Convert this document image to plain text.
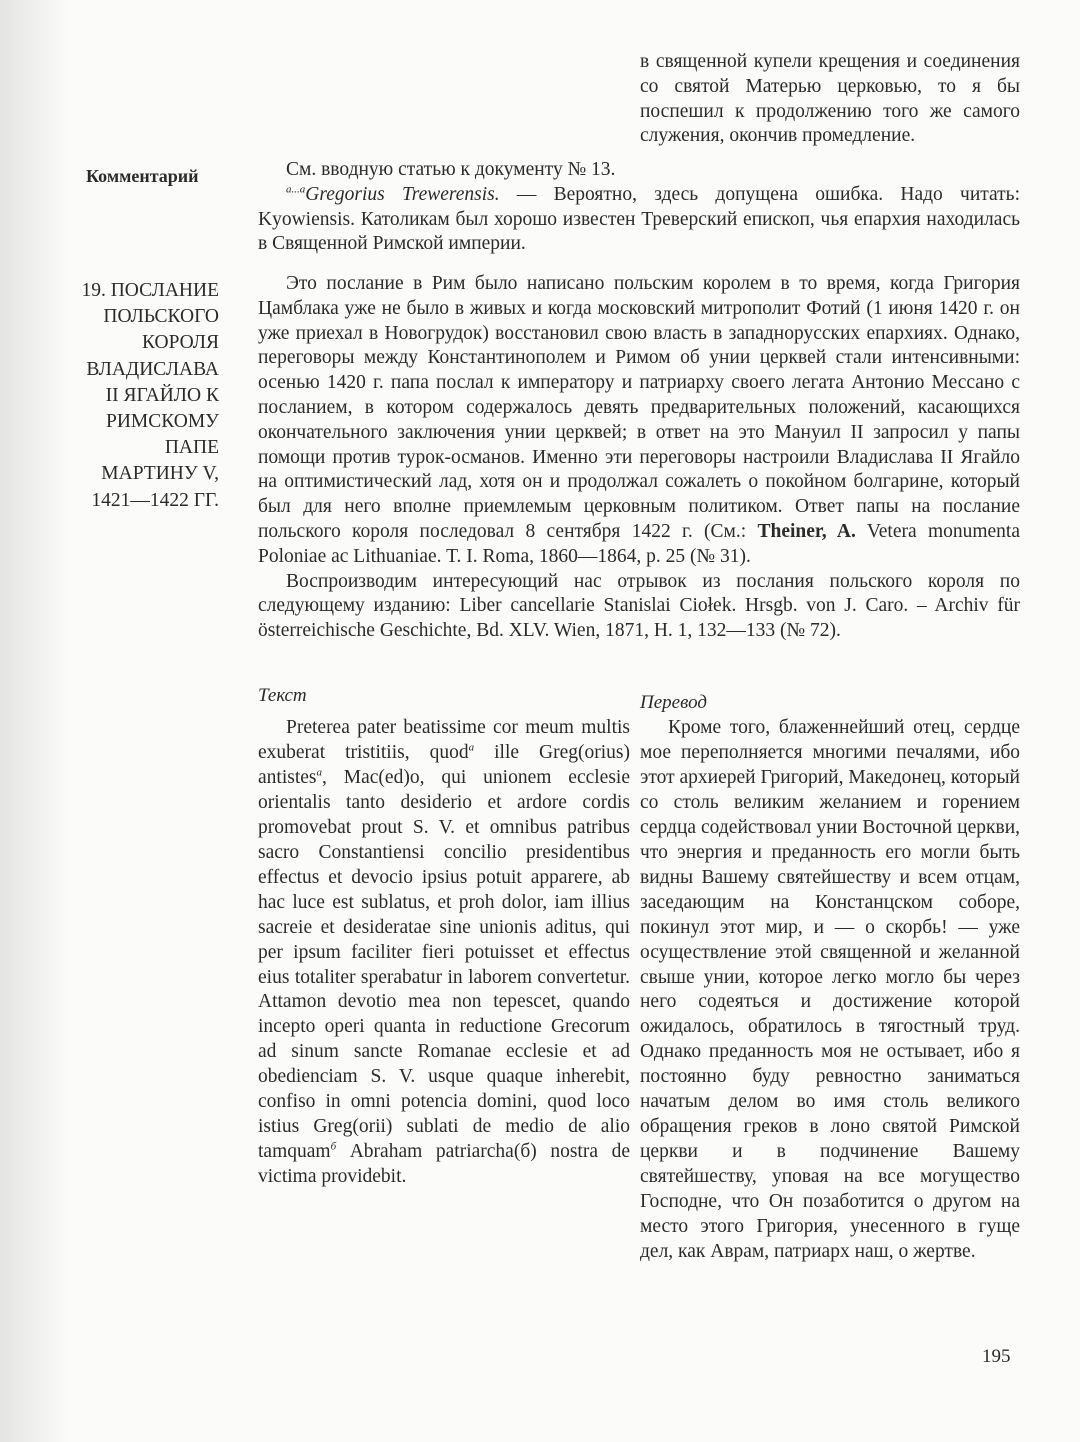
в священной купели крещения и соединения со святой Матерью церковью, то я бы поспешил к продолжению того же самого служения, окончив промедление.
Комментарий	См. вводную статью к документу № 13.

$^{а...а}$Gregorius Trewerensis. — Вероятно, здесь допущена ошибка. Надо читать: Kyowiensis. Католикам был хорошо известен Треверский епископ, чья епархия находилась в Священной Римской империи.

19. ПОСЛАНИЕ
ПОЛЬСКОГО
КОРОЛЯ
ВЛАДИСЛАВА
II ЯГАЙЛО К
РИМСКОМУ
ПАПЕ
МАРТИНУ V,
1421—1422 ГГ.

Это послание в Рим было написано польским королем в то время, когда Григория Цамблака уже не было в живых и когда московский митрополит Фотий (1 июня 1420 г. он уже приехал в Новогрудок) восстановил свою власть в западнорусских епархиях. Однако, переговоры между Константинополем и Римом об унии церквей стали интенсивными: осенью 1420 г. папа послал к императору и патриарху своего легата Антонио Мессано с посланием, в котором содержалось девять предварительных положений, касающихся окончательного заключения унии церквей; в ответ на это Мануил II запросил у папы помощи против турок-османов. Именно эти переговоры настроили Владислава II Ягайло на оптимистический лад, хотя он и продолжал сожалеть о покойном болгарине, который был для него вполне приемлемым церковным политиком. Ответ папы на послание польского короля последовал 8 сентября 1422 г. (См.: Theiner, A. Vetera monumenta Poloniae ac Lithuaniae. T. I. Roma, 1860—1864, p. 25 (№ 31).

Воспроизводим интересующий нас отрывок из послания польского короля по следующему изданию: Liber cancellarie Stanislai Ciołek. Hrsgb. von J. Caro. – Archiv für österreichische Geschichte, Bd. XLV. Wien, 1871, H. 1, 132—133 (№ 72).

Текст

Preterea pater beatissime cor meum multis exuberat tristitiis, quod$^a$ ille Greg(orius) antistes$^a$, Mac(ed)o, qui unionem ecclesie orientalis tanto desiderio et ardore cordis promovebat prout S. V. et omnibus patribus sacro Constantiensi concilio presidentibus effectus et devocio ipsius potuit apparere, ab hac luce est sublatus, et proh dolor, iam illius sacreie et desideratae sine unionis aditus, qui per ipsum faciliter fieri potuisset et effectus eius totaliter sperabatur in laborem convertetur. Attamon devotio mea non tepescet, quando incepto operi quanta in reductione Grecorum ad sinum sancte Romanae ecclesie et ad obedienciam S. V. usque quaque inherebit, confiso in omni potencia domini, quod loco istius Greg(orii) sublati de medio de alio tamquam$^б$ Abraham patriarcha(б) nostra de victima providebit.

Перевод

Кроме того, блаженнейший отец, сердце мое переполняется многими печалями, ибо этот архиерей Григорий, Македонец, который со столь великим желанием и горением сердца содействовал унии Восточной церкви, что энергия и преданность его могли быть видны Вашему святейшеству и всем отцам, заседающим на Констанцском соборе, покинул этот мир, и — о скорбь! — уже осуществление этой священной и желанной свыше унии, которое легко могло бы через него содеяться и достижение которой ожидалось, обратилось в тягостный труд. Однако преданность моя не остывает, ибо я постоянно буду ревностно заниматься начатым делом во имя столь великого обращения греков в лоно святой Римской церкви и в подчинение Вашему святейшеству, уповая на все могущество Господне, что Он позаботится о другом на место этого Григория, унесенного в гуще дел, как Аврам, патриарх наш, о жертве.

195
